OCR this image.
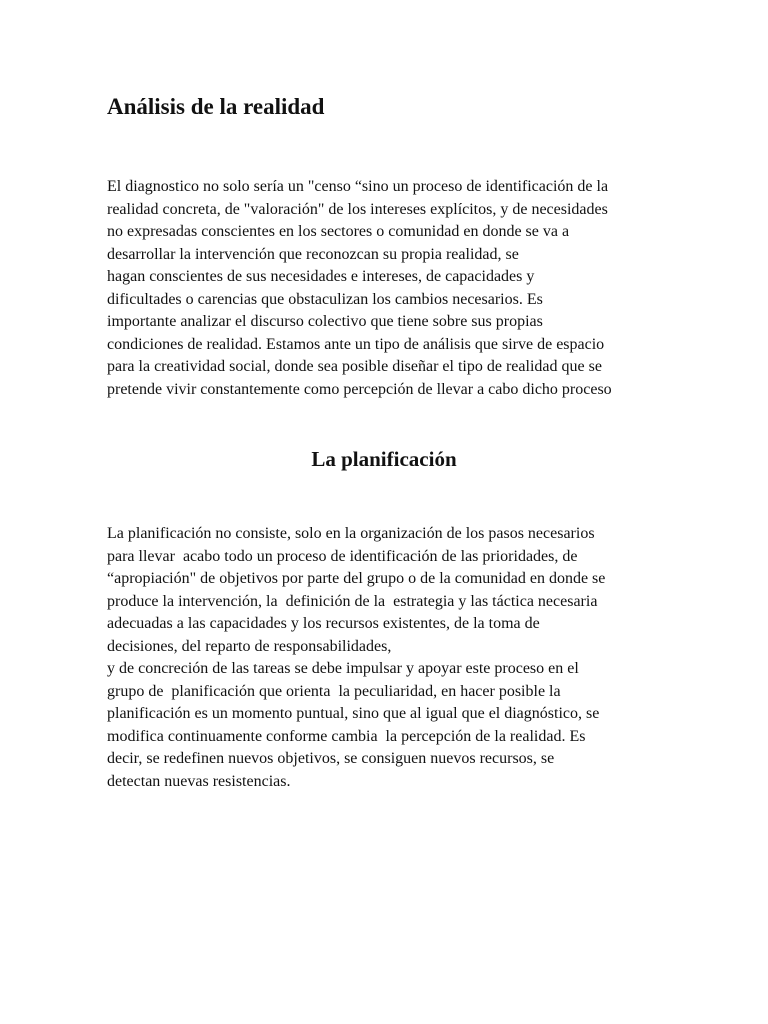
Análisis de la realidad
El diagnostico no solo sería un "censo “sino un proceso de identificación de la
realidad concreta, de "valoración" de los intereses explícitos, y de necesidades
no expresadas conscientes en los sectores o comunidad en donde se va a
desarrollar la intervención que reconozcan su propia realidad, se
hagan conscientes de sus necesidades e intereses, de capacidades y
dificultades o carencias que obstaculizan los cambios necesarios. Es
importante analizar el discurso colectivo que tiene sobre sus propias
condiciones de realidad. Estamos ante un tipo de análisis que sirve de espacio
para la creatividad social, donde sea posible diseñar el tipo de realidad que se
pretende vivir constantemente como percepción de llevar a cabo dicho proceso
La planificación
La planificación no consiste, solo en la organización de los pasos necesarios
para llevar  acabo todo un proceso de identificación de las prioridades, de
“apropiación" de objetivos por parte del grupo o de la comunidad en donde se
produce la intervención, la  definición de la  estrategia y las táctica necesaria
adecuadas a las capacidades y los recursos existentes, de la toma de
decisiones, del reparto de responsabilidades,
y de concreción de las tareas se debe impulsar y apoyar este proceso en el
grupo de  planificación que orienta  la peculiaridad, en hacer posible la
planificación es un momento puntual, sino que al igual que el diagnóstico, se
modifica continuamente conforme cambia  la percepción de la realidad. Es
decir, se redefinen nuevos objetivos, se consiguen nuevos recursos, se
detectan nuevas resistencias.
